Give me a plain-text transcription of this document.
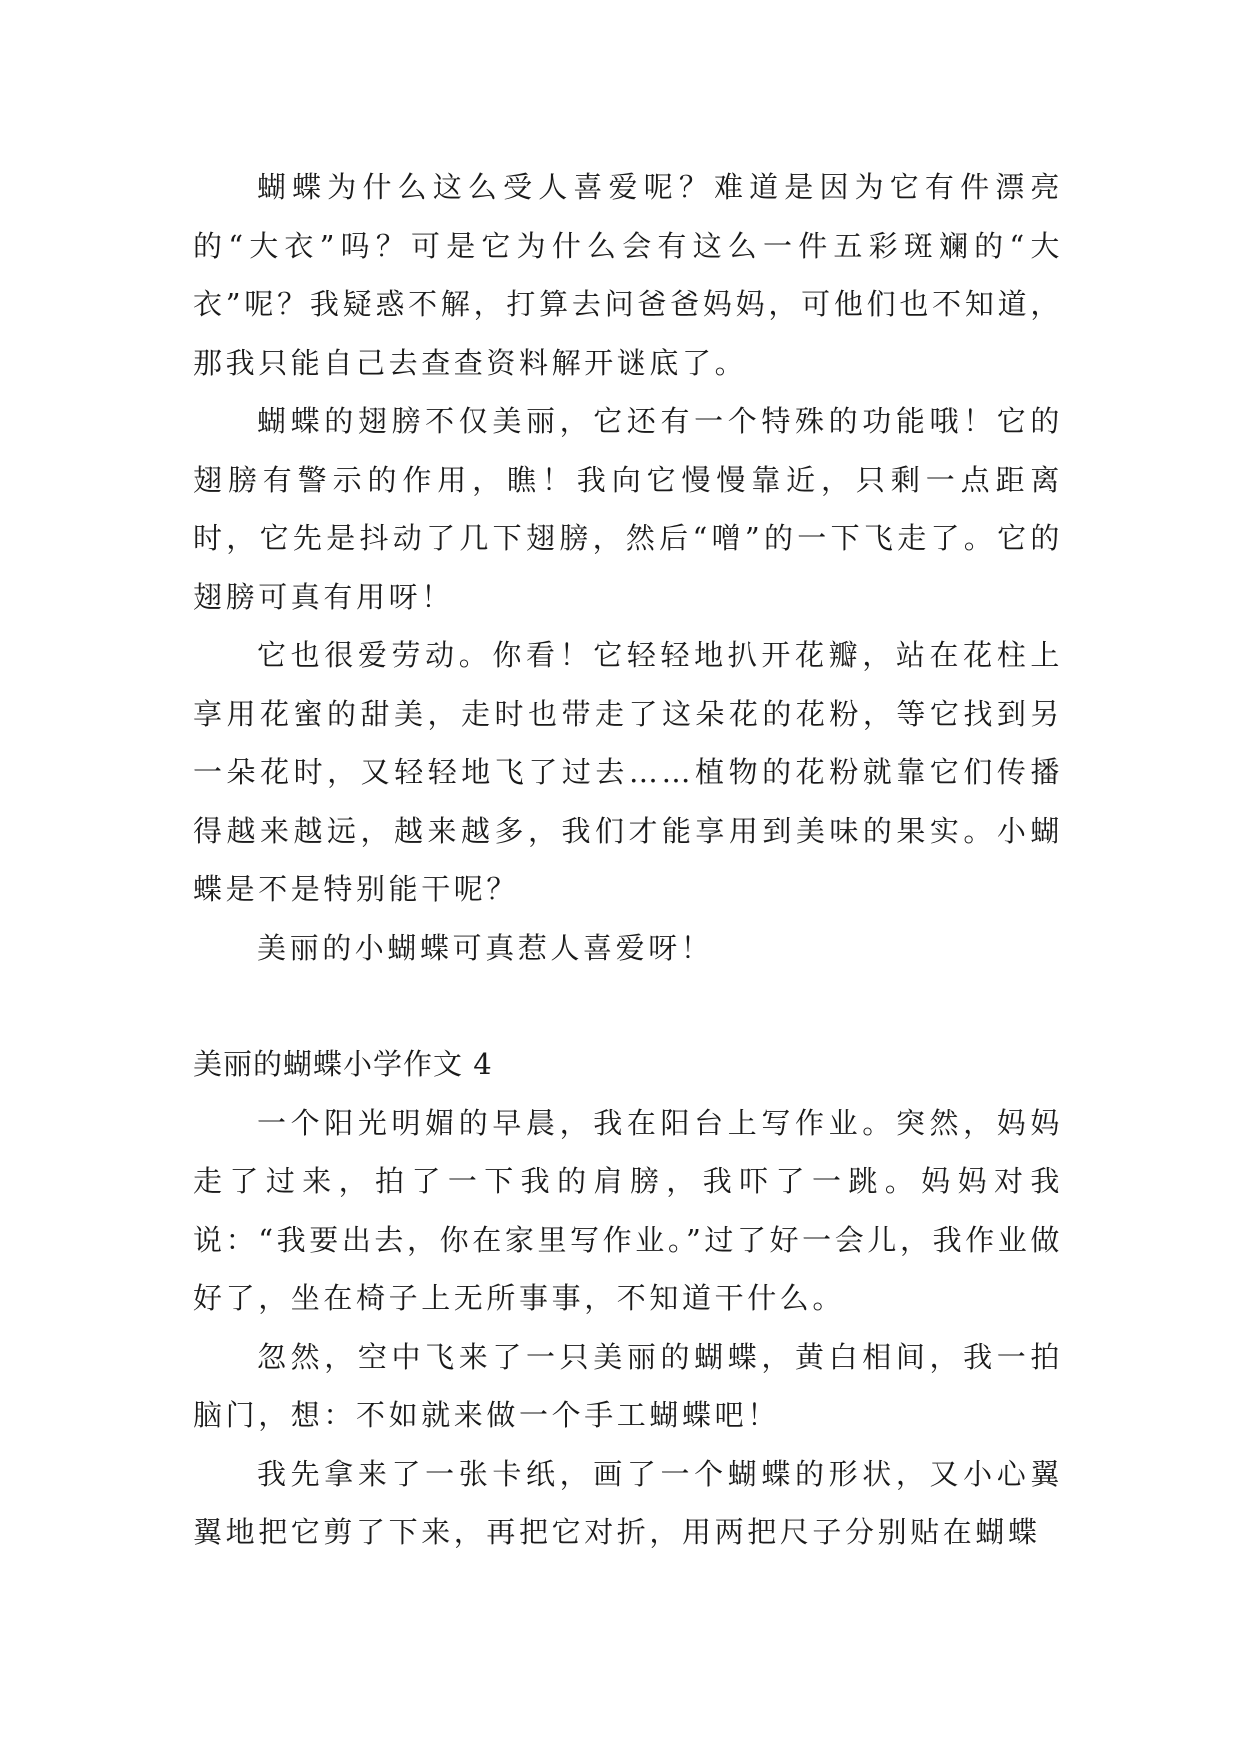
蝴蝶为什么这么受人喜爱呢？难道是因为它有件漂亮的“大衣”吗？可是它为什么会有这么一件五彩斑斓的“大衣”呢？我疑惑不解，打算去问爸爸妈妈，可他们也不知道，那我只能自己去查查资料解开谜底了。

蝴蝶的翅膀不仅美丽，它还有一个特殊的功能哦！它的翅膀有警示的作用，瞧！我向它慢慢靠近，只剩一点距离时，它先是抖动了几下翅膀，然后“噌”的一下飞走了。它的翅膀可真有用呀！

它也很爱劳动。你看！它轻轻地扒开花瓣，站在花柱上享用花蜜的甜美，走时也带走了这朵花的花粉，等它找到另一朵花时，又轻轻地飞了过去……植物的花粉就靠它们传播得越来越远，越来越多，我们才能享用到美味的果实。小蝴蝶是不是特别能干呢？

美丽的小蝴蝶可真惹人喜爱呀！

美丽的蝴蝶小学作文 4

一个阳光明媚的早晨，我在阳台上写作业。突然，妈妈走了过来，拍了一下我的肩膀，我吓了一跳。妈妈对我说：“我要出去，你在家里写作业。”过了好一会儿，我作业做好了，坐在椅子上无所事事，不知道干什么。

忽然，空中飞来了一只美丽的蝴蝶，黄白相间，我一拍脑门，想：不如就来做一个手工蝴蝶吧！

我先拿来了一张卡纸，画了一个蝴蝶的形状，又小心翼翼地把它剪了下来，再把它对折，用两把尺子分别贴在蝴蝶
